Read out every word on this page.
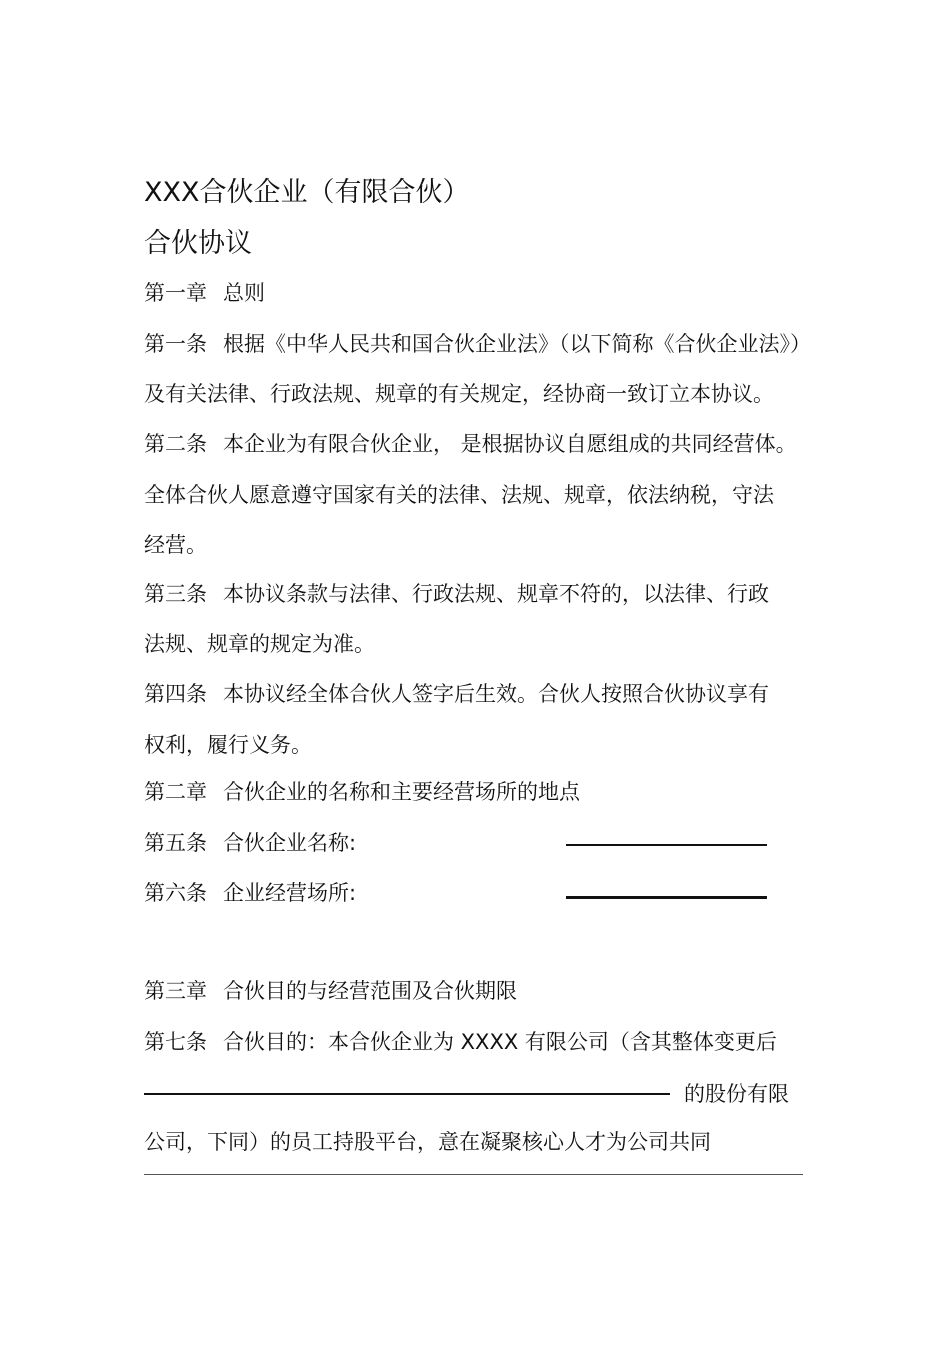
XXX合伙企业（有限合伙）
合伙协议
第一章 总则
第一条 根据《中华人民共和国合伙企业法》（以下简称《合伙企业法》）
及有关法律、行政法规、规章的有关规定，经协商一致订立本协议。
第二条 本企业为有限合伙企业， 是根据协议自愿组成的共同经营体。
全体合伙人愿意遵守国家有关的法律、法规、规章，依法纳税，守法
经营。
第三条 本协议条款与法律、行政法规、规章不符的，以法律、行政
法规、规章的规定为准。
第四条 本协议经全体合伙人签字后生效。合伙人按照合伙协议享有
权利，履行义务。
第二章 合伙企业的名称和主要经营场所的地点
第五条 合伙企业名称:
第六条 企业经营场所:
第三章 合伙目的与经营范围及合伙期限
第七条 合伙目的：本合伙企业为 XXXX 有限公司（含其整体变更后
的股份有限
公司，下同）的员工持股平台，意在凝聚核心人才为公司共同
